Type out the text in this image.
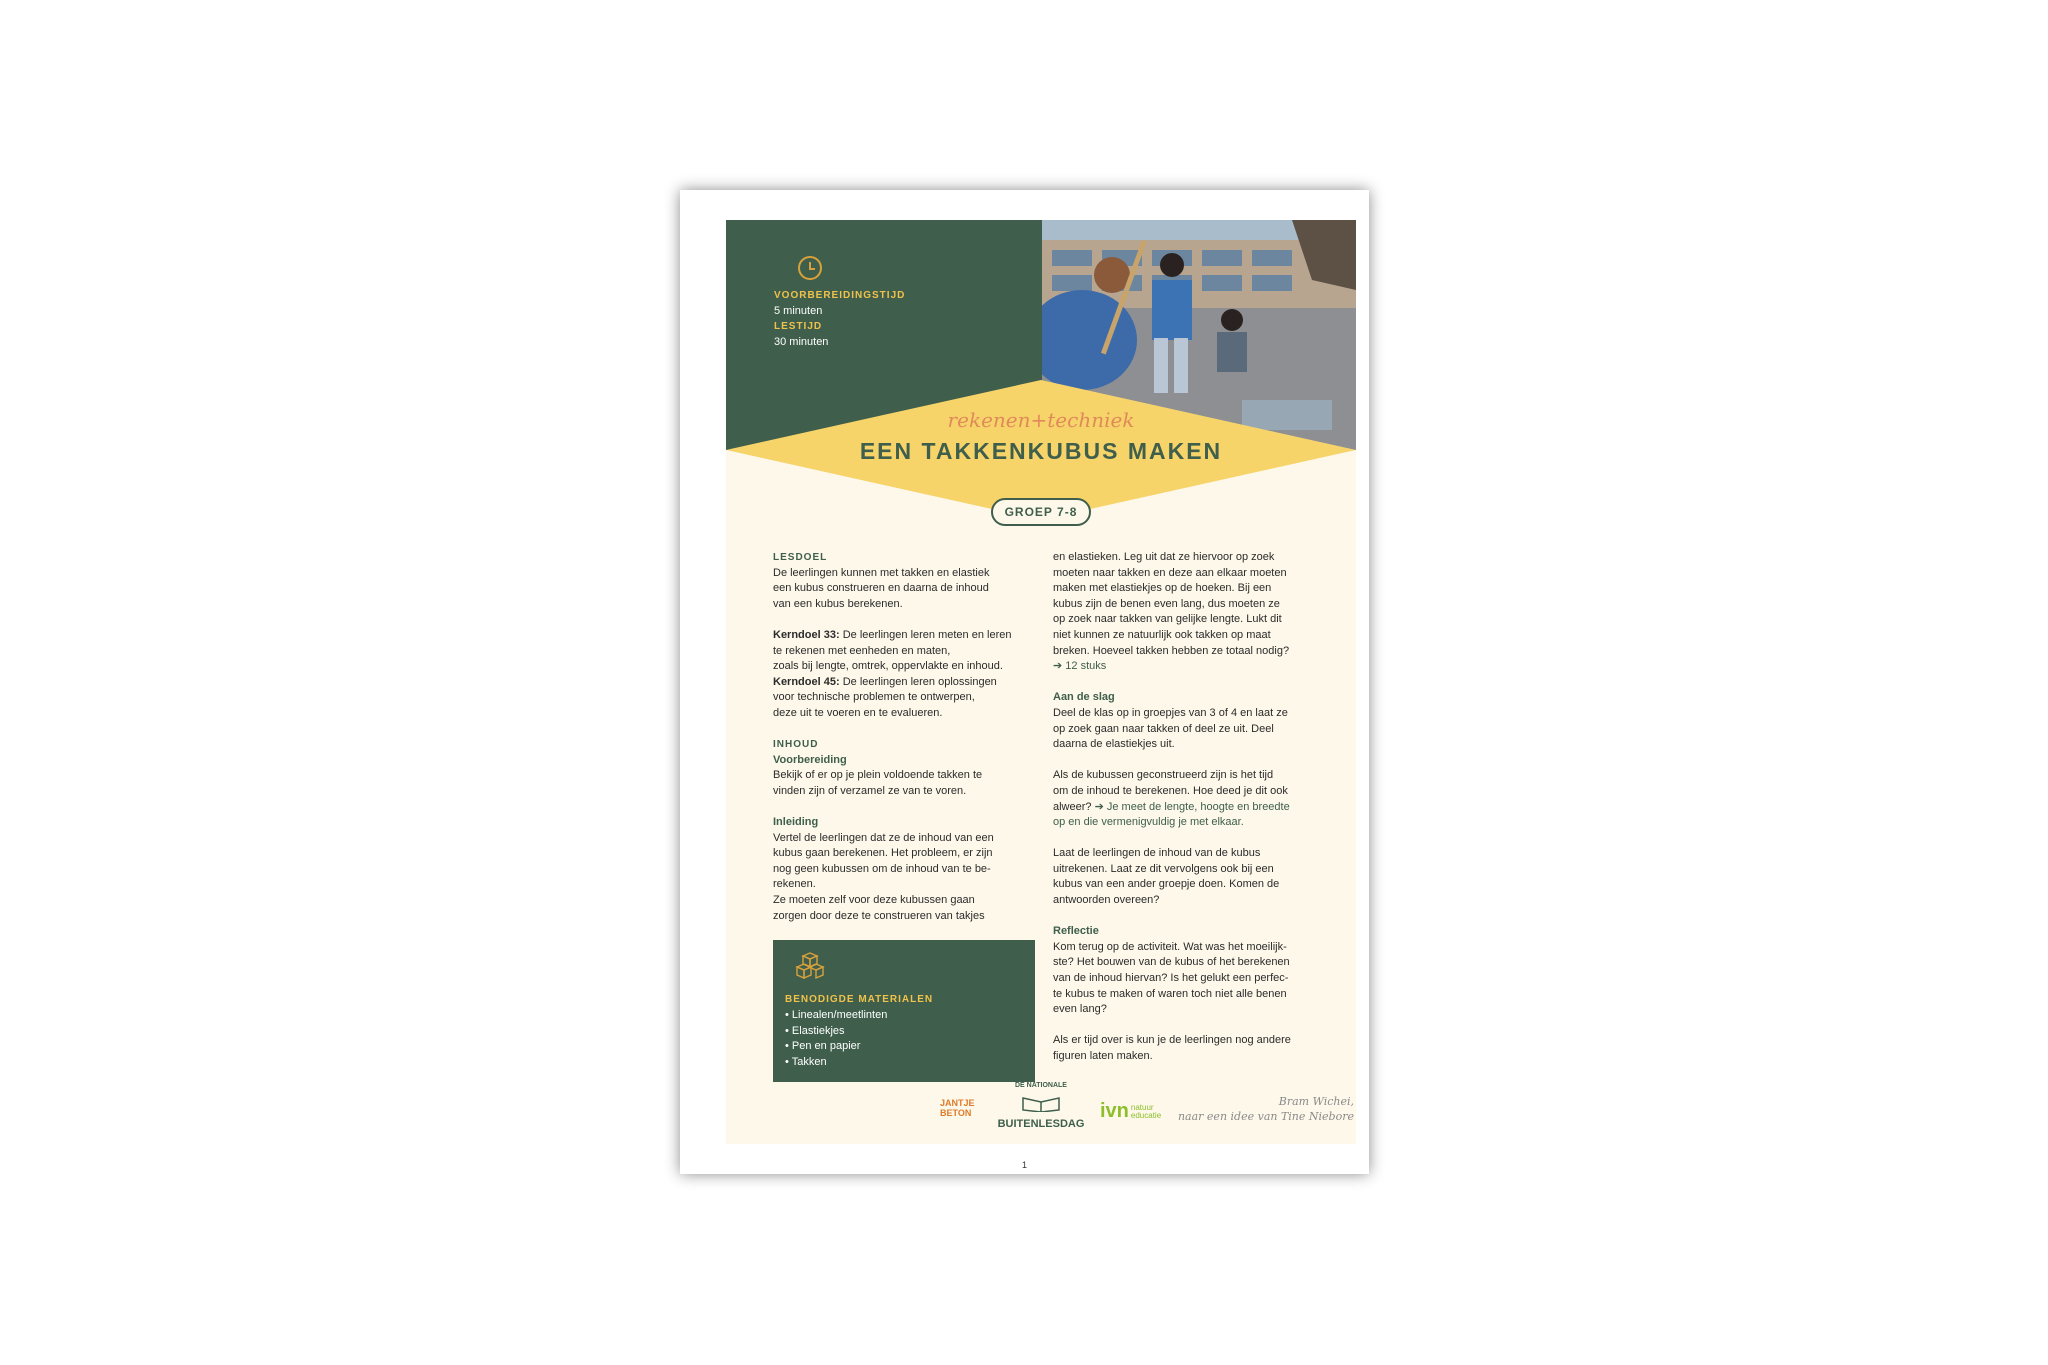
VOORBEREIDINGSTIJD
5 minuten
LESTIJD
30 minuten
rekenen+techniek
EEN TAKKENKUBUS MAKEN
GROEP 7-8

LESDOEL

De leerlingen kunnen met takken en elastiek

een kubus construeren en daarna de inhoud

van een kubus berekenen.

Kerndoel 33: De leerlingen leren meten en leren

te rekenen met eenheden en maten,

zoals bij lengte, omtrek, oppervlakte en inhoud.

Kerndoel 45: De leerlingen leren oplossingen

voor technische problemen te ontwerpen,

deze uit te voeren en te evalueren.

INHOUD

Voorbereiding

Bekijk of er op je plein voldoende takken te

vinden zijn of verzamel ze van te voren.

Inleiding

Vertel de leerlingen dat ze de inhoud van een

kubus gaan berekenen. Het probleem, er zijn

nog geen kubussen om de inhoud van te be-

rekenen.

Ze moeten zelf voor deze kubussen gaan

zorgen door deze te construeren van takjes

BENODIGDE MATERIALEN
• Linealen/meetlinten
• Elastiekjes
• Pen en papier
• Takken

en elastieken. Leg uit dat ze hiervoor op zoek

moeten naar takken en deze aan elkaar moeten

maken met elastiekjes op de hoeken. Bij een

kubus zijn de benen even lang, dus moeten ze

op zoek naar takken van gelijke lengte. Lukt dit

niet kunnen ze natuurlijk ook takken op maat

breken. Hoeveel takken hebben ze totaal nodig?

➔ 12 stuks

Aan de slag

Deel de klas op in groepjes van 3 of 4 en laat ze

op zoek gaan naar takken of deel ze uit. Deel

daarna de elastiekjes uit.

Als de kubussen geconstrueerd zijn is het tijd

om de inhoud te berekenen. Hoe deed je dit ook

alweer? ➔ Je meet de lengte, hoogte en breedte

op en die vermenigvuldig je met elkaar.

Laat de leerlingen de inhoud van de kubus

uitrekenen. Laat ze dit vervolgens ook bij een

kubus van een ander groepje doen. Komen de

antwoorden overeen?

Reflectie

Kom terug op de activiteit. Wat was het moeilijk-

ste? Het bouwen van de kubus of het berekenen

van de inhoud hiervan? Is het gelukt een perfec-

te kubus te maken of waren toch niet alle benen

even lang?

Als er tijd over is kun je de leerlingen nog andere

figuren laten maken.

JANTJE
BETON
DE NATIONALE
BUITENLESDAG
ivn natuur
educatie
Bram Wichei,
naar een idee van Tine Niebore
1
